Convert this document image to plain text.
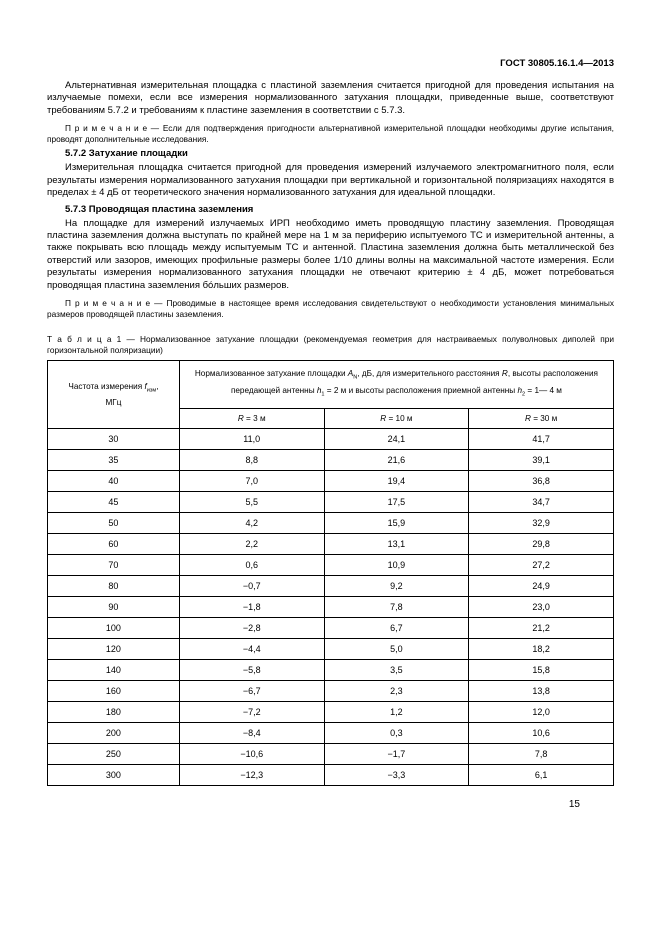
ГОСТ 30805.16.1.4—2013

Альтернативная измерительная площадка с пластиной заземления считается пригодной для проведения испытания на излучаемые помехи, если все измерения нормализованного затухания площадки, приведенные выше, соответствуют требованиям 5.7.2 и требованиям к пластине заземления в соответствии с 5.7.3.

П р и м е ч а н и е — Если для подтверждения пригодности альтернативной измерительной площадки необходимы другие испытания, проводят дополнительные исследования.

5.7.2 Затухание площадки

Измерительная площадка считается пригодной для проведения измерений излучаемого электромагнитного поля, если результаты измерения нормализованного затухания площадки при вертикальной и горизонтальной поляризациях находятся в пределах ± 4 дБ от теоретического значения нормализованного затухания для идеальной площадки.

5.7.3 Проводящая пластина заземления

На площадке для измерений излучаемых ИРП необходимо иметь проводящую пластину заземления. Проводящая пластина заземления должна выступать по крайней мере на 1 м за периферию испытуемого ТС и измерительной антенны, а также покрывать всю площадь между испытуемым ТС и антенной. Пластина заземления должна быть металлической без отверстий или зазоров, имеющих профильные размеры более 1/10 длины волны на максимальной частоте измерения. Если результаты измерения нормализованного затухания площадки не отвечают критерию ± 4 дБ, может потребоваться проводящая пластина заземления бо́льших размеров.

П р и м е ч а н и е — Проводимые в настоящее время исследования свидетельствуют о необходимости установления минимальных размеров проводящей пластины заземления.

Т а б л и ц а 1 — Нормализованное затухание площадки (рекомендуемая геометрия для настраиваемых полуволновых диполей при горизонтальной поляризации)

Частота измерения $f_{изм}$,
МГц	Нормализованное затухание площадки $A_N$, дБ, для измерительного расстояния R, высоты расположения передающей антенны $h_1 = 2$ м и высоты расположения приемной антенны $h_2$ = 1— 4 м		
	R = 3 м	R = 10 м	R = 30 м
30	11,0	24,1	41,7
35	8,8	21,6	39,1
40	7,0	19,4	36,8
45	5,5	17,5	34,7
50	4,2	15,9	32,9
60	2,2	13,1	29,8
70	0,6	10,9	27,2
80	−0,7	9,2	24,9
90	−1,8	7,8	23,0
100	−2,8	6,7	21,2
120	−4,4	5,0	18,2
140	−5,8	3,5	15,8
160	−6,7	2,3	13,8
180	−7,2	1,2	12,0
200	−8,4	0,3	10,6
250	−10,6	−1,7	7,8
300	−12,3	−3,3	6,1
15
